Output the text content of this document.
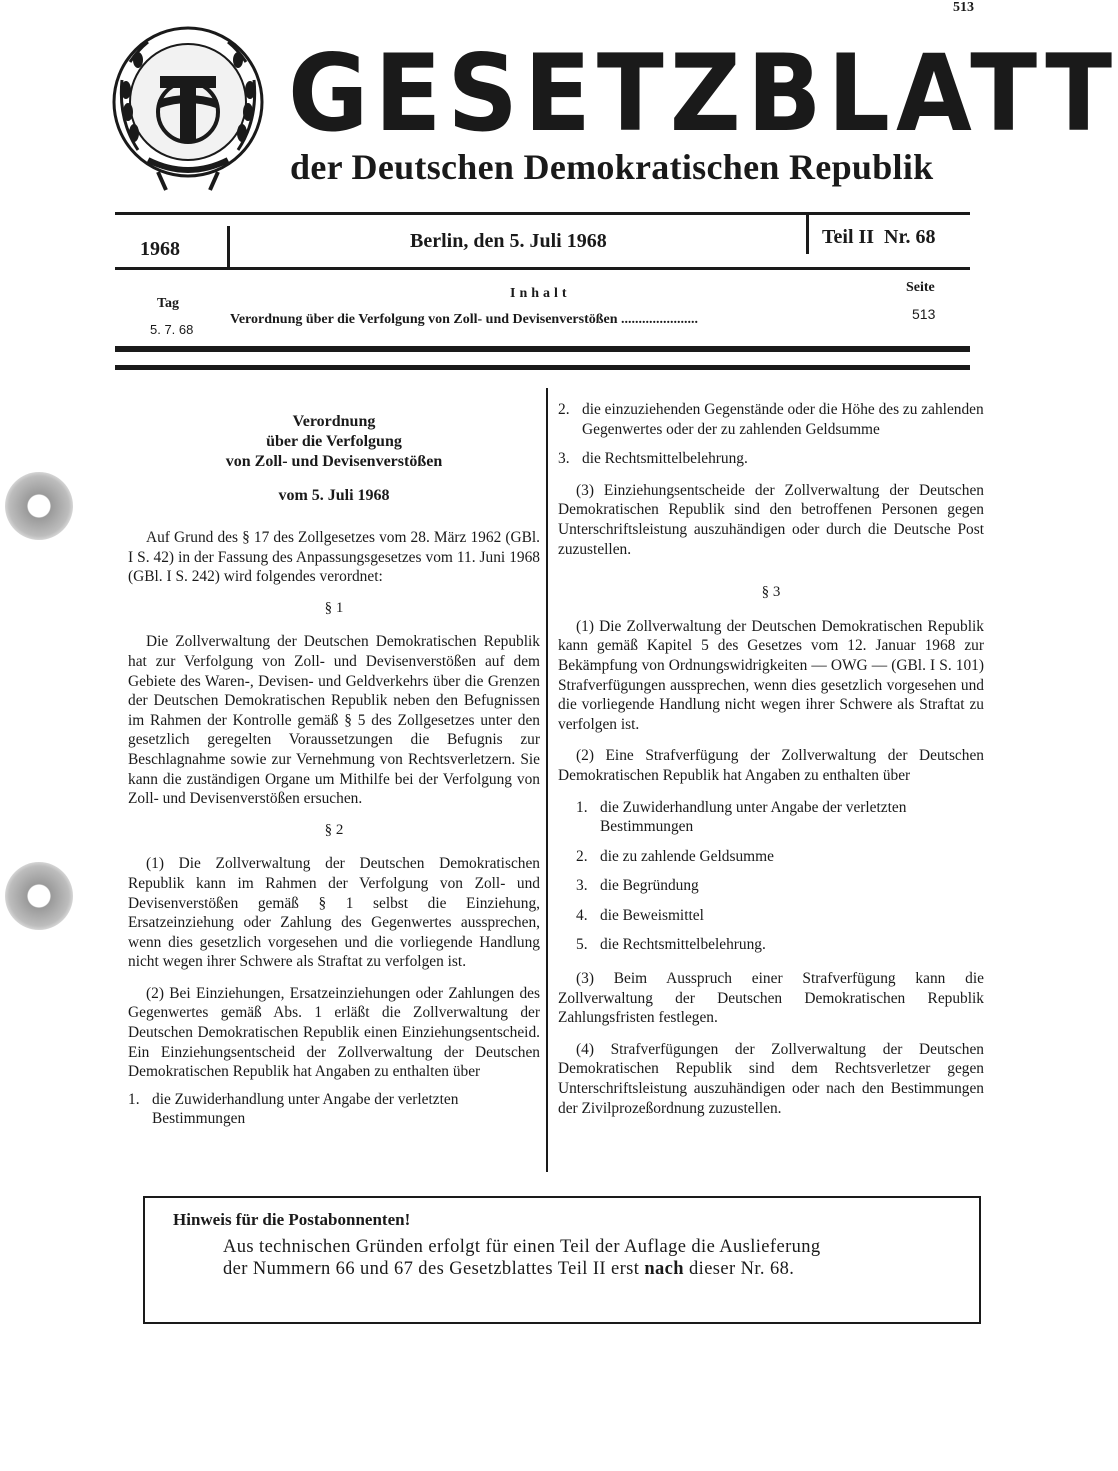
513
GESETZBLATT
der Deutschen Demokratischen Republik
1968	Berlin, den 5. Juli 1968	Teil II  Nr. 68
Inhalt
Tag
Seite
5. 7. 68
Verordnung über die Verfolgung von Zoll- und Devisenverstößen ......................	513
Verordnung
über die Verfolgung
von Zoll- und Devisenverstößen
vom 5. Juli 1968

Auf Grund des § 17 des Zollgesetzes vom 28. März 1962 (GBl. I S. 42) in der Fassung des Anpassungsgesetzes vom 11. Juni 1968 (GBl. I S. 242) wird folgendes verordnet:

§ 1

Die Zollverwaltung der Deutschen Demokratischen Republik hat zur Verfolgung von Zoll- und Devisenverstößen auf dem Gebiete des Waren-, Devisen- und Geldverkehrs über die Grenzen der Deutschen Demokratischen Republik neben den Befugnissen im Rahmen der Kontrolle gemäß § 5 des Zollgesetzes unter den gesetzlich geregelten Voraussetzungen die Befugnis zur Beschlagnahme sowie zur Vernehmung von Rechtsverletzern. Sie kann die zuständigen Organe um Mithilfe bei der Verfolgung von Zoll- und Devisenverstößen ersuchen.

§ 2

(1) Die Zollverwaltung der Deutschen Demokratischen Republik kann im Rahmen der Verfolgung von Zoll- und Devisenverstößen gemäß § 1 selbst die Einziehung, Ersatzeinziehung oder Zahlung des Gegenwertes aussprechen, wenn dies gesetzlich vorgesehen und die vorliegende Handlung nicht wegen ihrer Schwere als Straftat zu verfolgen ist.

(2) Bei Einziehungen, Ersatzeinziehungen oder Zahlungen des Gegenwertes gemäß Abs. 1 erläßt die Zollverwaltung der Deutschen Demokratischen Republik einen Einziehungsentscheid. Ein Einziehungsentscheid der Zollverwaltung der Deutschen Demokratischen Republik hat Angaben zu enthalten über

1. die Zuwiderhandlung unter Angabe der verletzten Bestimmungen
2. die einzuziehenden Gegenstände oder die Höhe des zu zahlenden Gegenwertes oder der zu zahlenden Geldsumme
3. die Rechtsmittelbelehrung.

(3) Einziehungsentscheide der Zollverwaltung der Deutschen Demokratischen Republik sind den betroffenen Personen gegen Unterschriftsleistung auszuhändigen oder durch die Deutsche Post zuzustellen.

§ 3

(1) Die Zollverwaltung der Deutschen Demokratischen Republik kann gemäß Kapitel 5 des Gesetzes vom 12. Januar 1968 zur Bekämpfung von Ordnungswidrigkeiten — OWG — (GBl. I S. 101) Strafverfügungen aussprechen, wenn dies gesetzlich vorgesehen und die vorliegende Handlung nicht wegen ihrer Schwere als Straftat zu verfolgen ist.

(2) Eine Strafverfügung der Zollverwaltung der Deutschen Demokratischen Republik hat Angaben zu enthalten über

1. die Zuwiderhandlung unter Angabe der verletzten Bestimmungen
2. die zu zahlende Geldsumme
3. die Begründung
4. die Beweismittel
5. die Rechtsmittelbelehrung.

(3) Beim Ausspruch einer Strafverfügung kann die Zollverwaltung der Deutschen Demokratischen Republik Zahlungsfristen festlegen.

(4) Strafverfügungen der Zollverwaltung der Deutschen Demokratischen Republik sind dem Rechtsverletzer gegen Unterschriftsleistung auszuhändigen oder nach den Bestimmungen der Zivilprozeßordnung zuzustellen.

Hinweis für die Postabonnenten!
Aus technischen Gründen erfolgt für einen Teil der Auflage die Auslieferung
der Nummern 66 und 67 des Gesetzblattes Teil II erst nach dieser Nr. 68.
